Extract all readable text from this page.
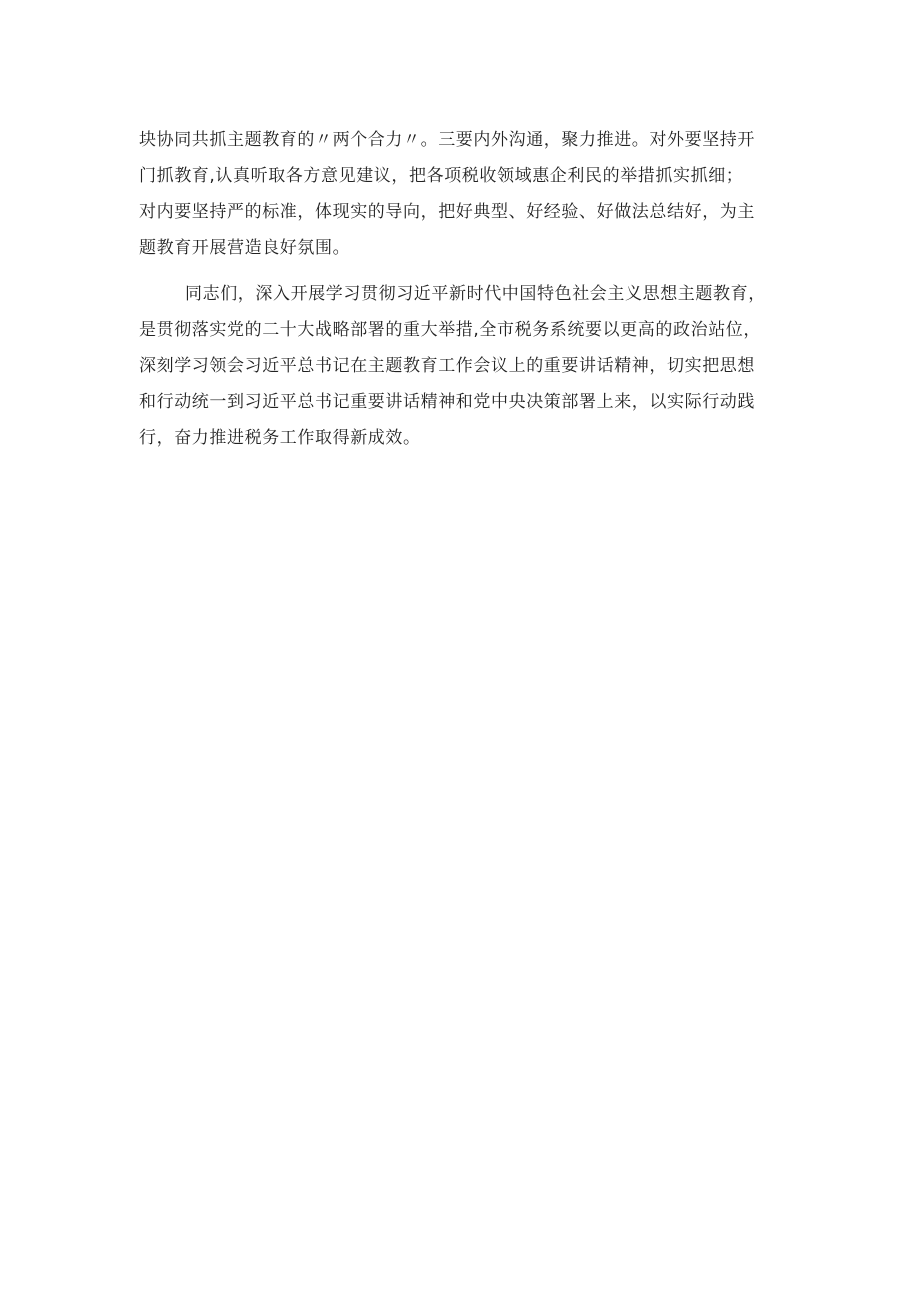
块协同共抓主题教育的〃两个合力〃。三要内外沟通，聚力推进。对外要坚持开

门抓教育,认真听取各方意见建议，把各项税收领域惠企利民的举措抓实抓细；

对内要坚持严的标准，体现实的导向，把好典型、好经验、好做法总结好，为主

题教育开展营造良好氛围。

同志们，深入开展学习贯彻习近平新时代中国特色社会主义思想主题教育，

是贯彻落实党的二十大战略部署的重大举措,全市税务系统要以更高的政治站位，

深刻学习领会习近平总书记在主题教育工作会议上的重要讲话精神，切实把思想

和行动统一到习近平总书记重要讲话精神和党中央决策部署上来，以实际行动践

行，奋力推进税务工作取得新成效。
